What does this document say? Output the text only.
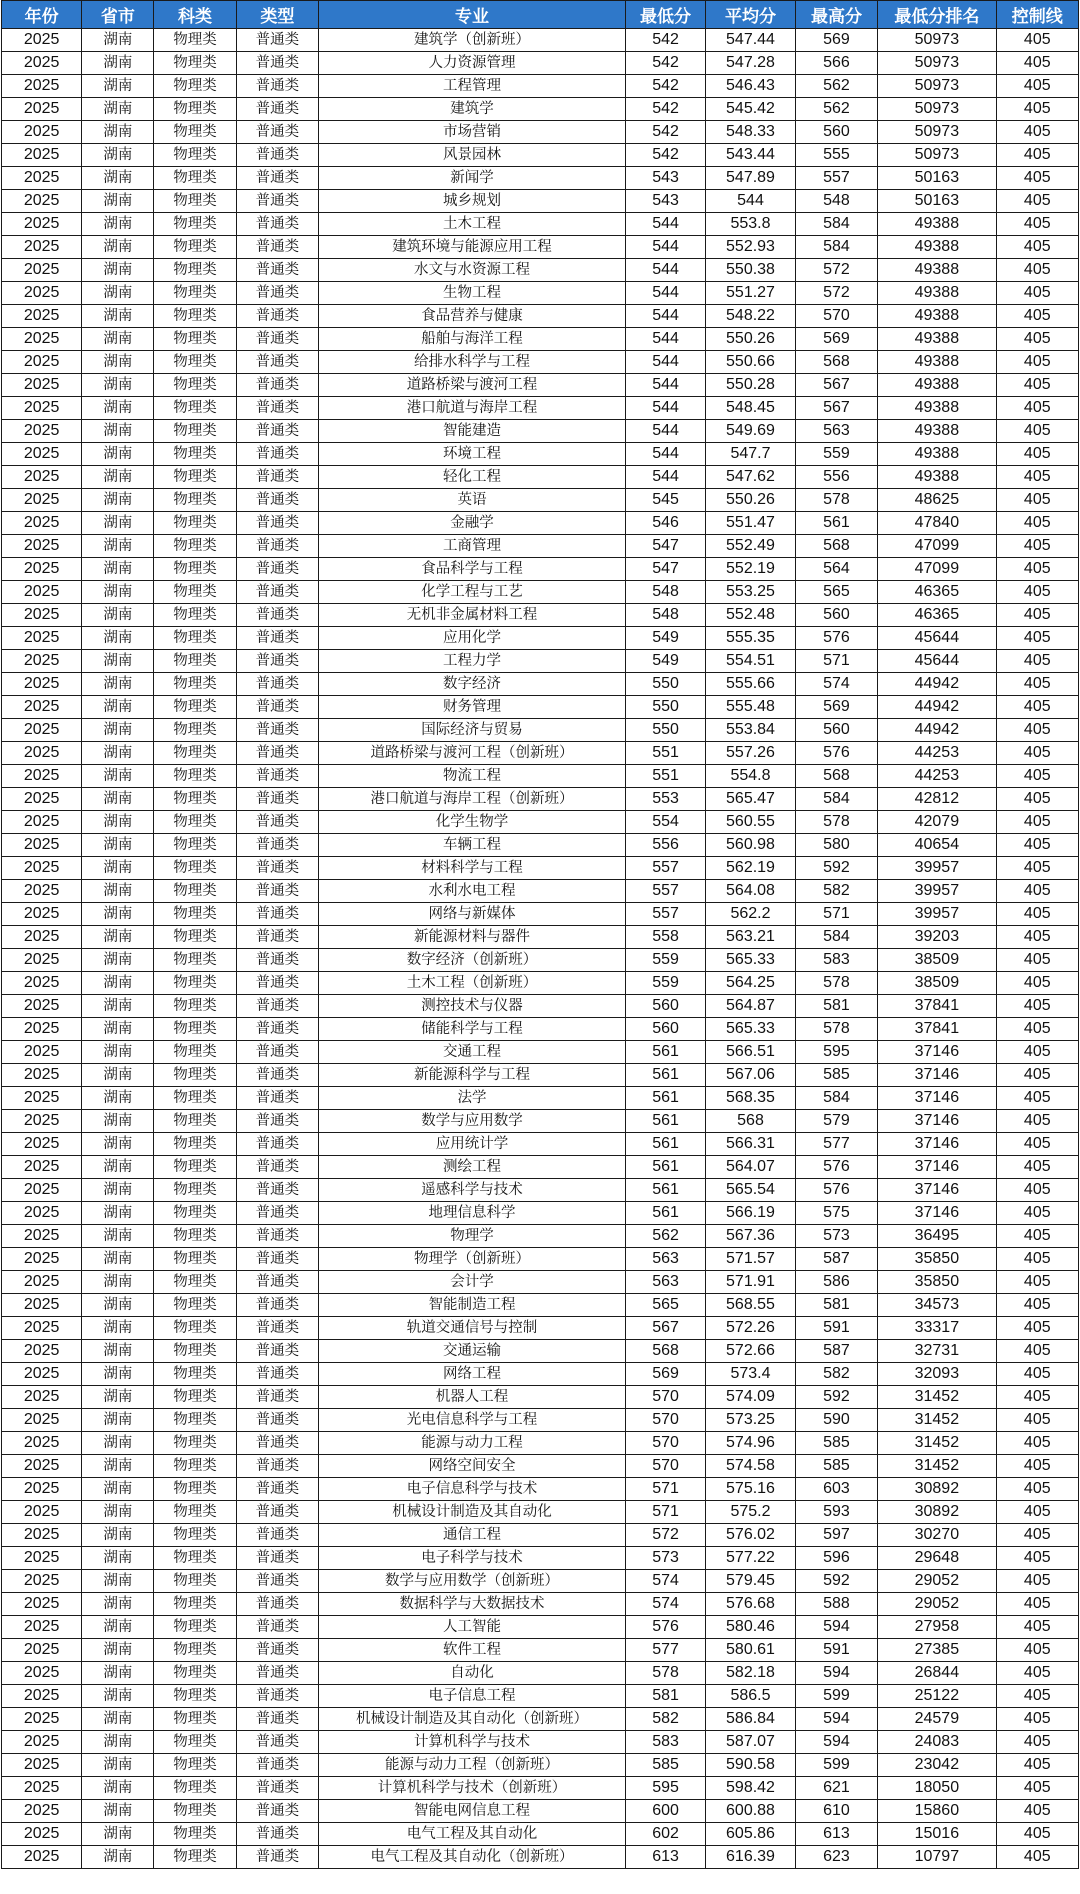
年份	省市	科类	类型	专业	最低分	平均分	最高分	最低分排名	控制线
2025	湖南	物理类	普通类	建筑学（创新班）	542	547.44	569	50973	405
2025	湖南	物理类	普通类	人力资源管理	542	547.28	566	50973	405
2025	湖南	物理类	普通类	工程管理	542	546.43	562	50973	405
2025	湖南	物理类	普通类	建筑学	542	545.42	562	50973	405
2025	湖南	物理类	普通类	市场营销	542	548.33	560	50973	405
2025	湖南	物理类	普通类	风景园林	542	543.44	555	50973	405
2025	湖南	物理类	普通类	新闻学	543	547.89	557	50163	405
2025	湖南	物理类	普通类	城乡规划	543	544	548	50163	405
2025	湖南	物理类	普通类	土木工程	544	553.8	584	49388	405
2025	湖南	物理类	普通类	建筑环境与能源应用工程	544	552.93	584	49388	405
2025	湖南	物理类	普通类	水文与水资源工程	544	550.38	572	49388	405
2025	湖南	物理类	普通类	生物工程	544	551.27	572	49388	405
2025	湖南	物理类	普通类	食品营养与健康	544	548.22	570	49388	405
2025	湖南	物理类	普通类	船舶与海洋工程	544	550.26	569	49388	405
2025	湖南	物理类	普通类	给排水科学与工程	544	550.66	568	49388	405
2025	湖南	物理类	普通类	道路桥梁与渡河工程	544	550.28	567	49388	405
2025	湖南	物理类	普通类	港口航道与海岸工程	544	548.45	567	49388	405
2025	湖南	物理类	普通类	智能建造	544	549.69	563	49388	405
2025	湖南	物理类	普通类	环境工程	544	547.7	559	49388	405
2025	湖南	物理类	普通类	轻化工程	544	547.62	556	49388	405
2025	湖南	物理类	普通类	英语	545	550.26	578	48625	405
2025	湖南	物理类	普通类	金融学	546	551.47	561	47840	405
2025	湖南	物理类	普通类	工商管理	547	552.49	568	47099	405
2025	湖南	物理类	普通类	食品科学与工程	547	552.19	564	47099	405
2025	湖南	物理类	普通类	化学工程与工艺	548	553.25	565	46365	405
2025	湖南	物理类	普通类	无机非金属材料工程	548	552.48	560	46365	405
2025	湖南	物理类	普通类	应用化学	549	555.35	576	45644	405
2025	湖南	物理类	普通类	工程力学	549	554.51	571	45644	405
2025	湖南	物理类	普通类	数字经济	550	555.66	574	44942	405
2025	湖南	物理类	普通类	财务管理	550	555.48	569	44942	405
2025	湖南	物理类	普通类	国际经济与贸易	550	553.84	560	44942	405
2025	湖南	物理类	普通类	道路桥梁与渡河工程（创新班）	551	557.26	576	44253	405
2025	湖南	物理类	普通类	物流工程	551	554.8	568	44253	405
2025	湖南	物理类	普通类	港口航道与海岸工程（创新班）	553	565.47	584	42812	405
2025	湖南	物理类	普通类	化学生物学	554	560.55	578	42079	405
2025	湖南	物理类	普通类	车辆工程	556	560.98	580	40654	405
2025	湖南	物理类	普通类	材料科学与工程	557	562.19	592	39957	405
2025	湖南	物理类	普通类	水利水电工程	557	564.08	582	39957	405
2025	湖南	物理类	普通类	网络与新媒体	557	562.2	571	39957	405
2025	湖南	物理类	普通类	新能源材料与器件	558	563.21	584	39203	405
2025	湖南	物理类	普通类	数字经济（创新班）	559	565.33	583	38509	405
2025	湖南	物理类	普通类	土木工程（创新班）	559	564.25	578	38509	405
2025	湖南	物理类	普通类	测控技术与仪器	560	564.87	581	37841	405
2025	湖南	物理类	普通类	储能科学与工程	560	565.33	578	37841	405
2025	湖南	物理类	普通类	交通工程	561	566.51	595	37146	405
2025	湖南	物理类	普通类	新能源科学与工程	561	567.06	585	37146	405
2025	湖南	物理类	普通类	法学	561	568.35	584	37146	405
2025	湖南	物理类	普通类	数学与应用数学	561	568	579	37146	405
2025	湖南	物理类	普通类	应用统计学	561	566.31	577	37146	405
2025	湖南	物理类	普通类	测绘工程	561	564.07	576	37146	405
2025	湖南	物理类	普通类	遥感科学与技术	561	565.54	576	37146	405
2025	湖南	物理类	普通类	地理信息科学	561	566.19	575	37146	405
2025	湖南	物理类	普通类	物理学	562	567.36	573	36495	405
2025	湖南	物理类	普通类	物理学（创新班）	563	571.57	587	35850	405
2025	湖南	物理类	普通类	会计学	563	571.91	586	35850	405
2025	湖南	物理类	普通类	智能制造工程	565	568.55	581	34573	405
2025	湖南	物理类	普通类	轨道交通信号与控制	567	572.26	591	33317	405
2025	湖南	物理类	普通类	交通运输	568	572.66	587	32731	405
2025	湖南	物理类	普通类	网络工程	569	573.4	582	32093	405
2025	湖南	物理类	普通类	机器人工程	570	574.09	592	31452	405
2025	湖南	物理类	普通类	光电信息科学与工程	570	573.25	590	31452	405
2025	湖南	物理类	普通类	能源与动力工程	570	574.96	585	31452	405
2025	湖南	物理类	普通类	网络空间安全	570	574.58	585	31452	405
2025	湖南	物理类	普通类	电子信息科学与技术	571	575.16	603	30892	405
2025	湖南	物理类	普通类	机械设计制造及其自动化	571	575.2	593	30892	405
2025	湖南	物理类	普通类	通信工程	572	576.02	597	30270	405
2025	湖南	物理类	普通类	电子科学与技术	573	577.22	596	29648	405
2025	湖南	物理类	普通类	数学与应用数学（创新班）	574	579.45	592	29052	405
2025	湖南	物理类	普通类	数据科学与大数据技术	574	576.68	588	29052	405
2025	湖南	物理类	普通类	人工智能	576	580.46	594	27958	405
2025	湖南	物理类	普通类	软件工程	577	580.61	591	27385	405
2025	湖南	物理类	普通类	自动化	578	582.18	594	26844	405
2025	湖南	物理类	普通类	电子信息工程	581	586.5	599	25122	405
2025	湖南	物理类	普通类	机械设计制造及其自动化（创新班）	582	586.84	594	24579	405
2025	湖南	物理类	普通类	计算机科学与技术	583	587.07	594	24083	405
2025	湖南	物理类	普通类	能源与动力工程（创新班）	585	590.58	599	23042	405
2025	湖南	物理类	普通类	计算机科学与技术（创新班）	595	598.42	621	18050	405
2025	湖南	物理类	普通类	智能电网信息工程	600	600.88	610	15860	405
2025	湖南	物理类	普通类	电气工程及其自动化	602	605.86	613	15016	405
2025	湖南	物理类	普通类	电气工程及其自动化（创新班）	613	616.39	623	10797	405
